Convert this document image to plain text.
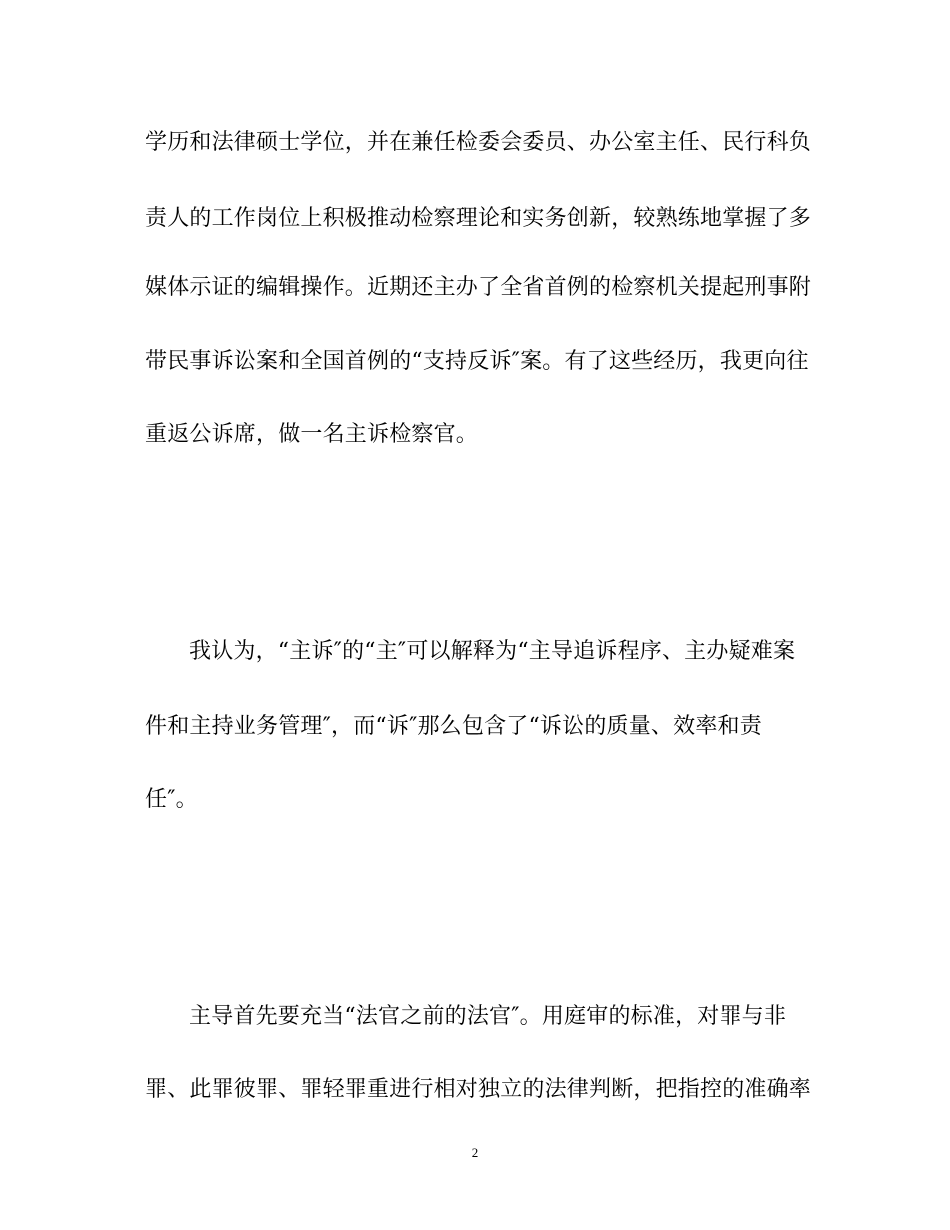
学历和法律硕士学位，并在兼任检委会委员、办公室主任、民行科负
责人的工作岗位上积极推动检察理论和实务创新，较熟练地掌握了多
媒体示证的编辑操作。近期还主办了全省首例的检察机关提起刑事附
带民事诉讼案和全国首例的“支持反诉″案。有了这些经历，我更向往
重返公诉席，做一名主诉检察官。
我认为，“主诉″的“主″可以解释为“主导追诉程序、主办疑难案
件和主持业务管理″，而“诉″那么包含了“诉讼的质量、效率和责
任″。
主导首先要充当“法官之前的法官″。用庭审的标准，对罪与非
罪、此罪彼罪、罪轻罪重进行相对独立的法律判断，把指控的准确率
2
